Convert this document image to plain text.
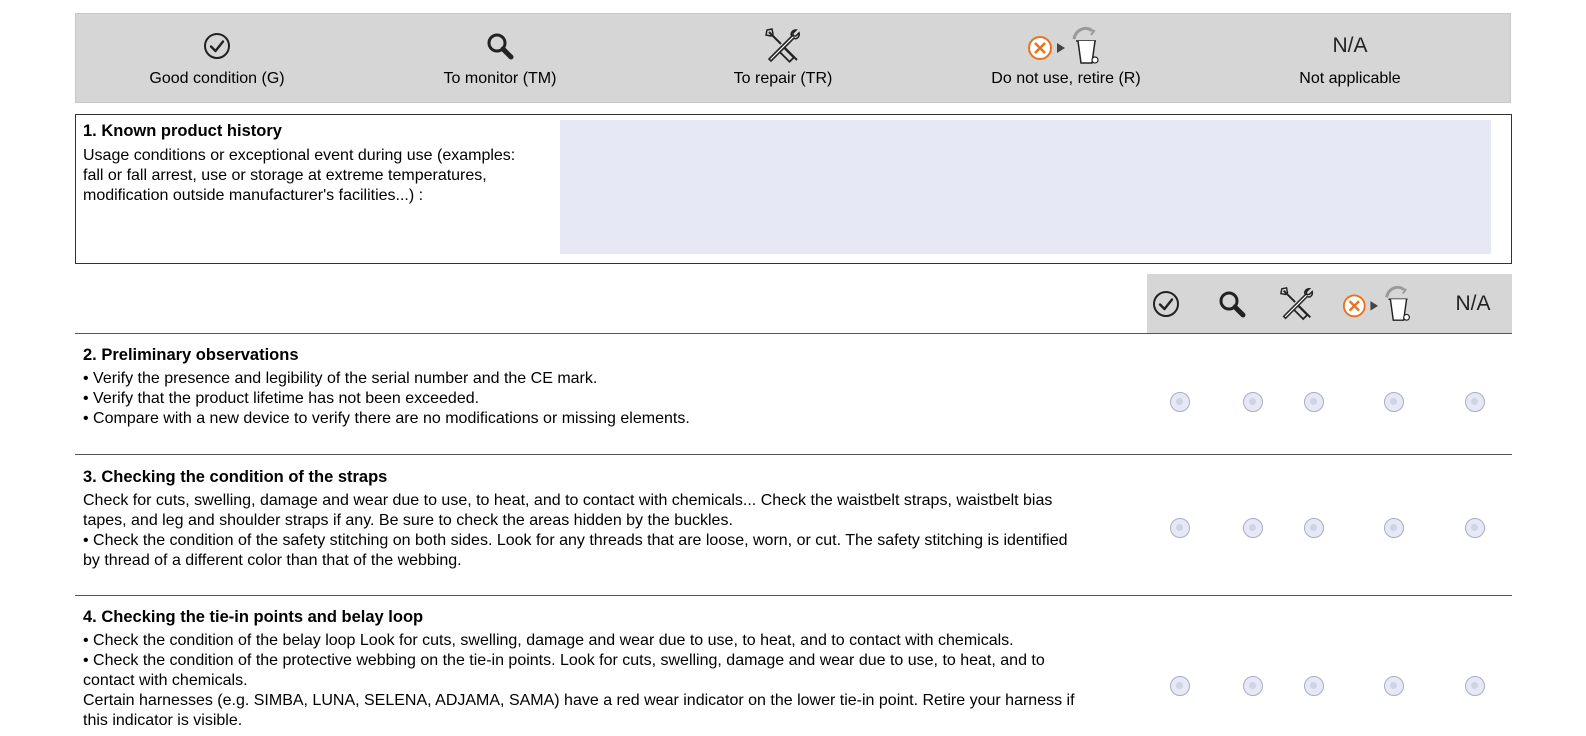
Good condition (G)	To monitor (TM)	To repair (TR)	Do not use, retire (R)
N/A
Not applicable
1. Known product history
Usage conditions or exceptional event during use (examples:
fall or fall arrest, use or storage at extreme temperatures,
modification outside manufacturer's facilities...) :
N/A
2. Preliminary observations
• Verify the presence and legibility of the serial number and the CE mark.
• Verify that the product lifetime has not been exceeded.
• Compare with a new device to verify there are no modifications or missing elements.
3. Checking the condition of the straps
Check for cuts, swelling, damage and wear due to use, to heat, and to contact with chemicals... Check the waistbelt straps, waistbelt bias
tapes, and leg and shoulder straps if any. Be sure to check the areas hidden by the buckles.
• Check the condition of the safety stitching on both sides. Look for any threads that are loose, worn, or cut. The safety stitching is identified
by thread of a different color than that of the webbing.
4. Checking the tie-in points and belay loop
• Check the condition of the belay loop Look for cuts, swelling, damage and wear due to use, to heat, and to contact with chemicals.
• Check the condition of the protective webbing on the tie-in points. Look for cuts, swelling, damage and wear due to use, to heat, and to
contact with chemicals.
Certain harnesses (e.g. SIMBA, LUNA, SELENA, ADJAMA, SAMA) have a red wear indicator on the lower tie-in point. Retire your harness if
this indicator is visible.
